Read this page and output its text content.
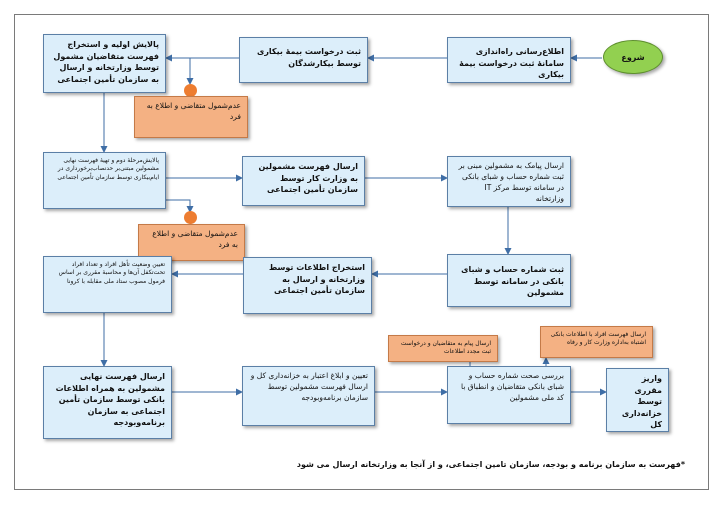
شروع
اطلاع‌رسانی راه‌اندازی سامانهٔ ثبت درخواست بیمهٔ بیکاری
ثبت درخواست بیمهٔ بیکاری توسط بیکارشدگان
پالایش اولیه و استخراج فهرست متقاضیان مشمول توسط وزارتخانه و ارسال به سازمان تأمین اجتماعی
عدم‌شمول متقاضی و اطلاع به فرد
پالایش‌مرحلهٔ دوم و تهیهٔ فهرست نهایی مشمولین مبتنی‌بر حدنصاب‌برخورداری در ایام‌بیکاری توسط سازمان تأمین اجتماعی
ارسال فهرست مشمولین به وزارت کار توسط سازمان تأمین اجتماعی
ارسال پیامک به مشمولین مبنی بر ثبت شماره حساب و شبای بانکی در سامانه توسط مرکز IT وزارتخانه
عدم‌شمول متقاضی و اطلاع به فرد
تعیین وضعیت تأهل افراد و تعداد افراد تحت‌تکفل آن‌ها و محاسبهٔ مقرری بر اساس فرمول مصوب ستاد ملی مقابله با کرونا
استخراج اطلاعات توسط وزارتخانه و ارسال به سازمان تأمین اجتماعی
ثبت شماره حساب و شبای بانکی در سامانه توسط مشمولین
ارسال پیام به متقاضیان و درخواست ثبت مجدد اطلاعات
ارسال فهرست افراد با اطلاعات بانکی اشتباه به‌اداره وزارت کار و رفاه
ارسال فهرست نهایی مشمولین به همراه اطلاعات بانکی توسط سازمان تأمین اجتماعی به سازمان برنامه‌وبودجه
تعیین و ابلاغ اعتبار به خزانه‌داری کل و ارسال فهرست مشمولین توسط سازمان برنامه‌وبودجه
بررسی صحت شماره حساب و شبای بانکی متقاضیان و انطباق با کد ملی مشمولین
واریز مقرری توسط خزانه‌داری کل
*فهرست به سازمان برنامه و بودجه، سازمان تامین اجتماعی، و از آنجا به وزارتخانه ارسال می شود
